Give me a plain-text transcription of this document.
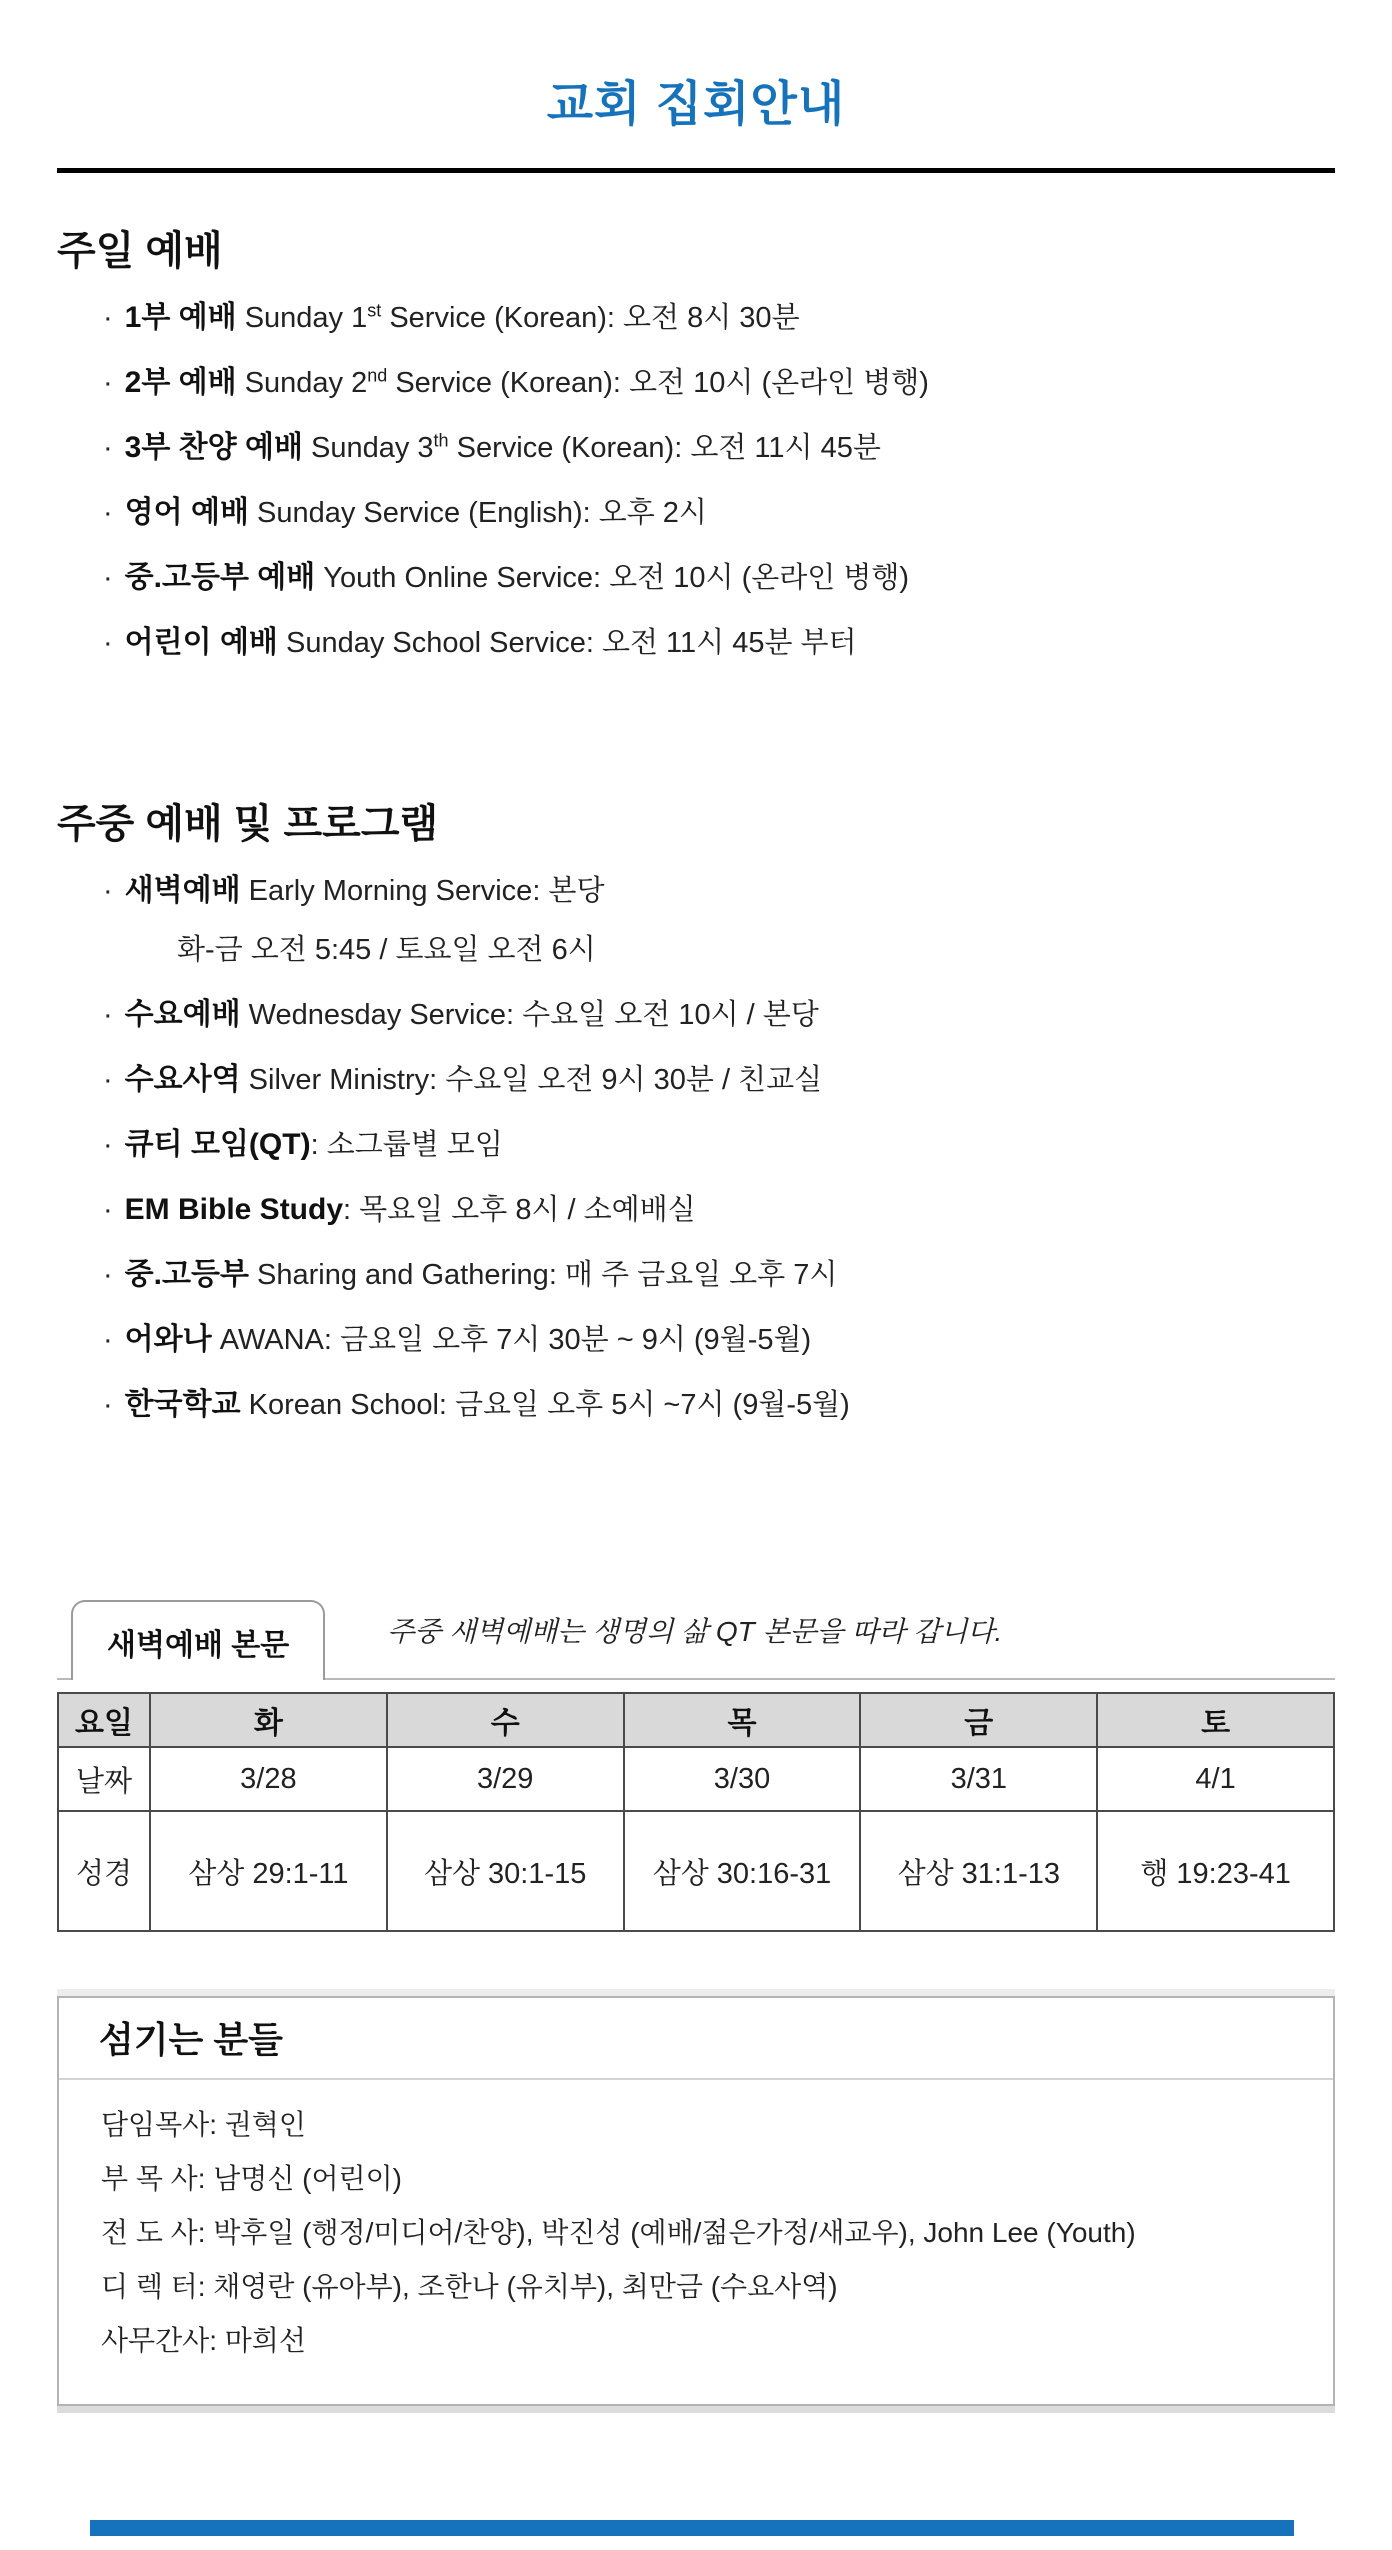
교회 집회안내
주일 예배
· 1부 예배 Sunday 1st Service (Korean): 오전 8시 30분
· 2부 예배 Sunday 2nd Service (Korean): 오전 10시 (온라인 병행)
· 3부 찬양 예배 Sunday 3th Service (Korean): 오전 11시 45분
· 영어 예배 Sunday Service (English): 오후 2시
· 중.고등부 예배 Youth Online Service: 오전 10시 (온라인 병행)
· 어린이 예배 Sunday School Service: 오전 11시 45분 부터
주중 예배 및 프로그램
· 새벽예배 Early Morning Service: 본당
화-금 오전 5:45 / 토요일 오전 6시
· 수요예배 Wednesday Service: 수요일 오전 10시 / 본당
· 수요사역 Silver Ministry: 수요일 오전 9시 30분 / 친교실
· 큐티 모임(QT): 소그룹별 모임
· EM Bible Study: 목요일 오후 8시 / 소예배실
· 중.고등부 Sharing and Gathering: 매 주 금요일 오후 7시
· 어와나 AWANA: 금요일 오후 7시 30분 ~ 9시 (9월-5월)
· 한국학교 Korean School: 금요일 오후 5시 ~7시 (9월-5월)
새벽예배 본문	주중 새벽예배는 생명의 삶 QT 본문을 따라 갑니다.
요일	화	수	목	금	토
날짜	3/28	3/29	3/30	3/31	4/1
성경	삼상 29:1-11	삼상 30:1-15	삼상 30:16-31	삼상 31:1-13	행 19:23-41
섬기는 분들

담임목사: 권혁인

부 목 사: 남명신 (어린이)

전 도 사: 박후일 (행정/미디어/찬양), 박진성 (예배/젊은가정/새교우), John Lee (Youth)

디 렉 터: 채영란 (유아부), 조한나 (유치부), 최만금 (수요사역)

사무간사: 마희선
